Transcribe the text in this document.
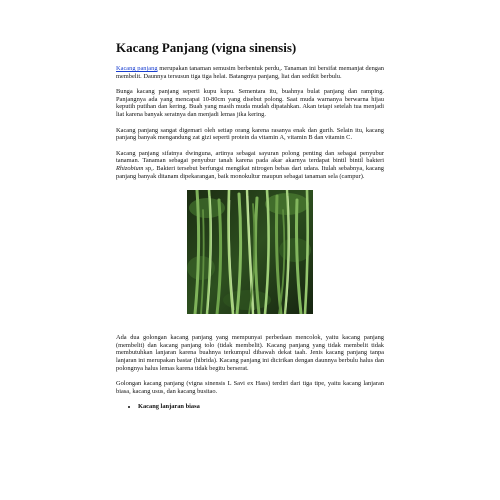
Kacang Panjang (vigna sinensis)

Kacang panjang merupakan tanaman semusim berbentuk perdu,. Tanaman ini bersifat memanjat dengan membelit. Daunnya tersusun tiga tiga helai. Batangnya panjang, liat dan sedikit berbulu.

Bunga kacang panjang seperti kupu kupu. Sementara itu, buahnya bulat panjang dan ramping. Panjangnya ada yang mencapai 10-80cm yang disebut polong. Saat muda warnanya berwarna hijau keputih putihan dan kering. Buah yang masih muda mudah dipatahkan. Akan tetapi setelah tua menjadi liat karena banyak seratnya dan menjadi lemas jika kering.

Kacang panjang sangat digemari oleh setiap orang karena rasanya enak dan gurih. Selain itu, kacang panjang banyak mengandung zat gizi seperti protein da vitamin A, vitamin B dan vitamin C.

Kacang panjang sifatnya dwinguna, artinya sebagai sayuran polong penting dan sebagai penyubur tanaman. Tanaman sebagai penyubur tanah karena pada akar akarnya terdapat bintil bintil bakteri Rhizobium sp,. Bakteri tersebut berfungsi mengikat nitrogen bebas dari udara. Itulah sebabnya, kacang panjang banyak ditanam dipekarangan, baik monokultur maupun sebagai tanaman sela (campur).

Ada dua golongan kacang panjang yang mempunyai perbedaan mencolok, yaitu kacang panjang (membelit) dan kacang panjang tolo (tidak membelit). Kacang panjang yang tidak membelit tidak membutuhkan lanjaran karena buahnya terkumpul dibawah dekat taah. Jenis kacang panjang tanpa lanjaran ini merupakan bastar (hibrida). Kacang panjang ini dicirikan dengan daunnya berbulu halus dan polongnya halus lemas karena tidak begitu berserat.

Golongan kacang panjang (vigna sinensis L Savi ex Hass) terdiri dari tiga tipe, yaitu kacang lanjaran biasa, kacang usus, dan kacang busitao.

• Kacang lanjaran biasa
